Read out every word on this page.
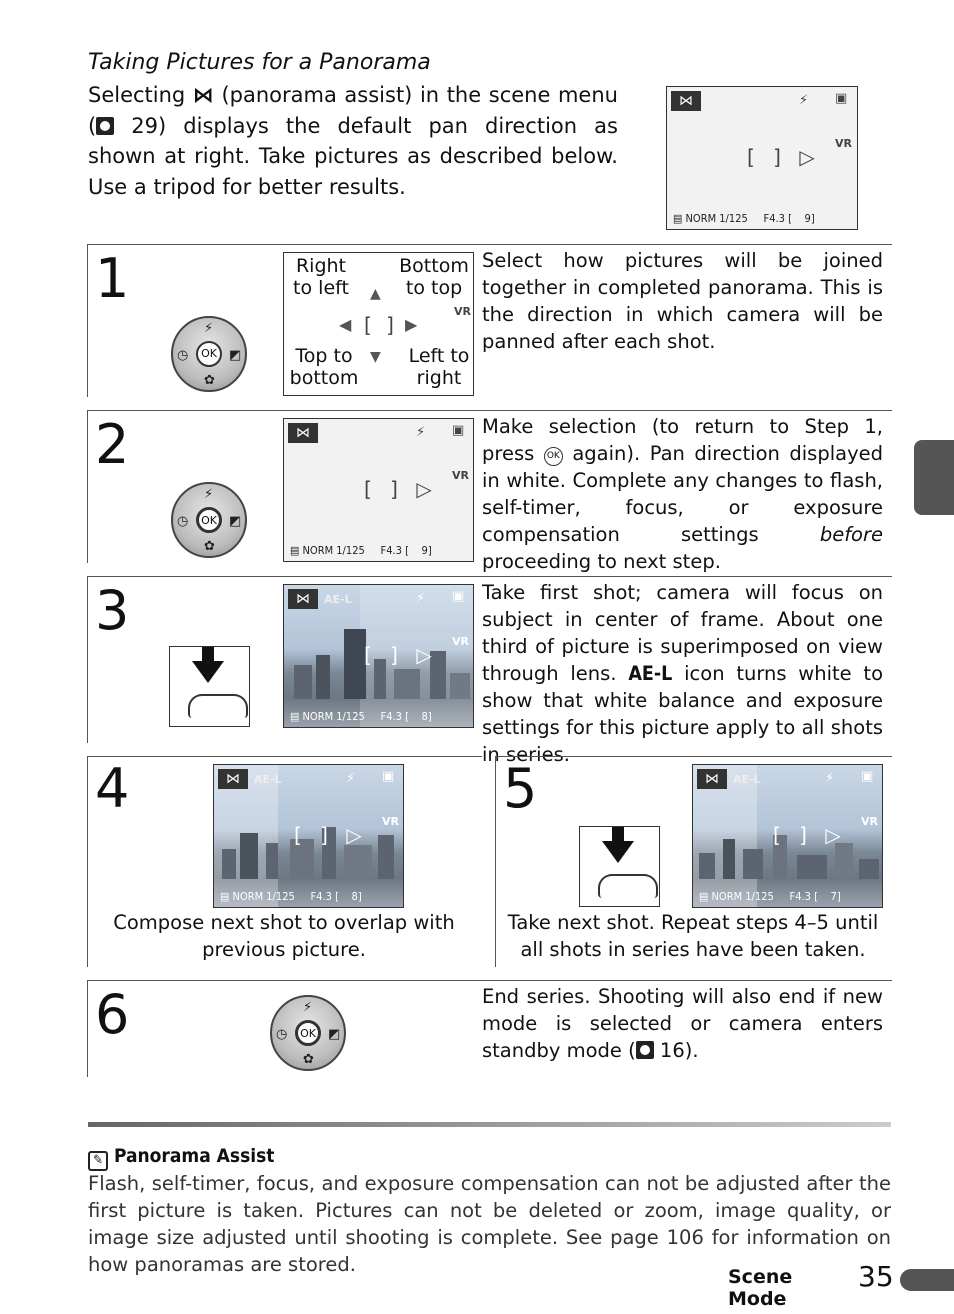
Taking Pictures for a Panorama
Selecting ⋈ (panorama assist) in the scene menu ( 29) displays the default pan direction as shown at right. Take pictures as described below. Use a tripod for better results.
⋈	⚡ ▣
VR
[ ] ▷
▤ NORM 1/125 F4.3 [    9]
1
OK
⚡
◷	◩
✿
Right
to left
Bottom
to top
Top to
bottom
Left to
right
▲
◀ [ ] ▶
▼
VR
Select how pictures will be joined together in completed panorama. This is the direction in which camera will be panned after each shot.
2
OK
⚡
◷	◩
✿
⋈	⚡ ▣
VR
[ ] ▷
▤ NORM 1/125 F4.3 [    9]
Make selection (to return to Step 1, press OK again). Pan direction displayed in white. Complete any changes to flash, self-timer, focus, or exposure compensation settings	before proceeding to next step.
3	⋈	AE-L	⚡ ▣
VR
[ ] ▷
▤ NORM 1/125 F4.3 [    8]
Take first shot; camera will focus on subject in center of frame. About one third of picture is superimposed on view through lens. AE-L icon turns white to show that white balance and exposure settings for this picture apply to all shots in series.
4	⋈	AE-L	⚡ ▣
VR
[ ] ▷
▤ NORM 1/125 F4.3 [    8]
Compose next shot to overlap with previous picture.
5	⋈	AE-L	⚡ ▣
VR
[ ] ▷
▤ NORM 1/125 F4.3 [    7]
Take next shot. Repeat steps 4–5 until all shots in series have been taken.
6	OK
⚡
◷	◩
✿
End series. Shooting will also end if new mode is selected or camera enters standby mode ( 16).
✎ Panorama Assist
Flash, self-timer, focus, and exposure compensation can not be adjusted after the first picture is taken. Pictures can not be deleted or zoom, image quality, or image size adjusted until shooting is complete. See page 106 for information on how panoramas are stored.
Scene Mode
35
